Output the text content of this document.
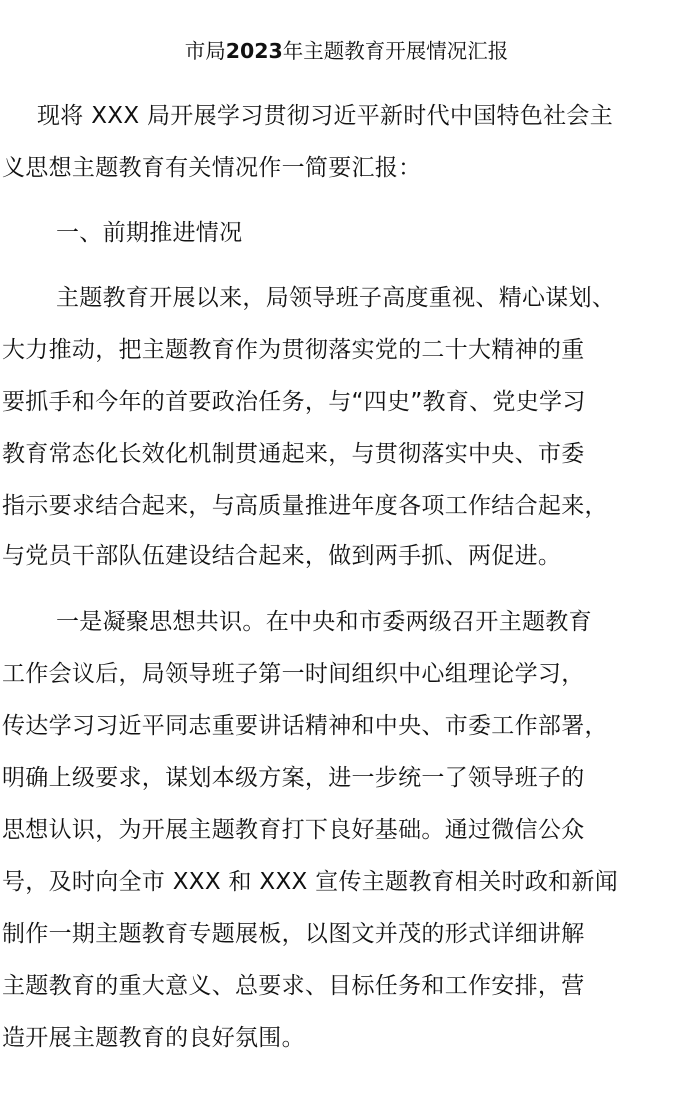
市局2023年主题教育开展情况汇报
现将 XXX 局开展学习贯彻习近平新时代中国特色社会主
义思想主题教育有关情况作一简要汇报：
一、前期推进情况
主题教育开展以来，局领导班子高度重视、精心谋划、
大力推动，把主题教育作为贯彻落实党的二十大精神的重
要抓手和今年的首要政治任务，与“四史”教育、党史学习
教育常态化长效化机制贯通起来，与贯彻落实中央、市委
指示要求结合起来，与高质量推进年度各项工作结合起来，
与党员干部队伍建设结合起来，做到两手抓、两促进。
一是凝聚思想共识。在中央和市委两级召开主题教育
工作会议后，局领导班子第一时间组织中心组理论学习，
传达学习习近平同志重要讲话精神和中央、市委工作部署，
明确上级要求，谋划本级方案，进一步统一了领导班子的
思想认识，为开展主题教育打下良好基础。通过微信公众
号，及时向全市 XXX 和 XXX 宣传主题教育相关时政和新闻
制作一期主题教育专题展板，以图文并茂的形式详细讲解
主题教育的重大意义、总要求、目标任务和工作安排，营
造开展主题教育的良好氛围。
